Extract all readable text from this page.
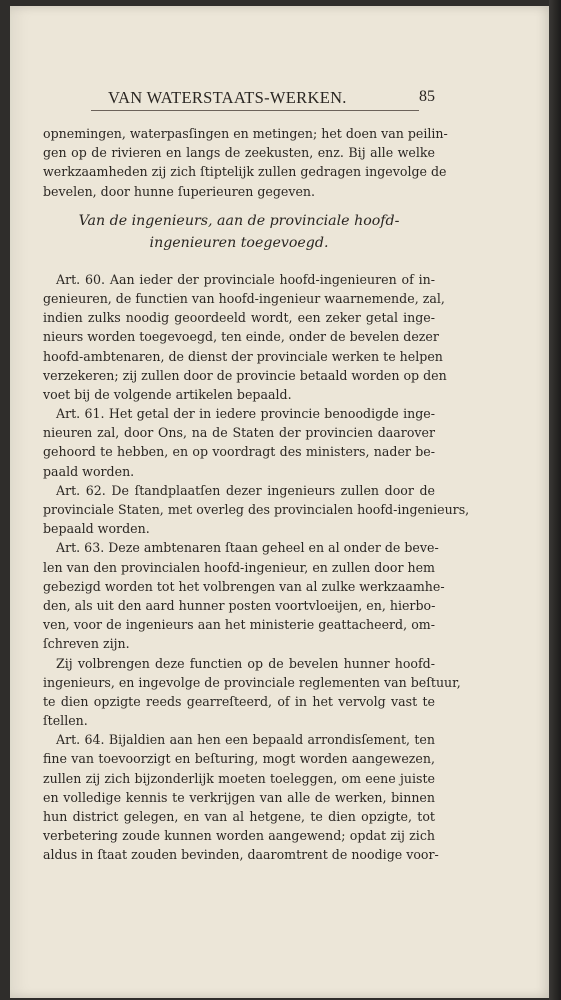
VAN WATERSTAATS-WERKEN.	85
opnemingen, waterpasſingen en metingen; het doen van peilin-
gen op de rivieren en langs de zeekusten, enz. Bij alle welke
werkzaamheden zij zich ſtiptelijk zullen gedragen ingevolge de
bevelen, door hunne ſuperieuren gegeven.
Van de ingenieurs, aan de provinciale hoofd-
ingenieuren toegevoegd.
Art. 60. Aan ieder der provinciale hoofd-ingenieuren of in-
genieuren, de functien van hoofd-ingenieur waarnemende, zal,
indien zulks noodig geoordeeld wordt, een zeker getal inge-
nieurs worden toegevoegd, ten einde, onder de bevelen dezer
hoofd-ambtenaren, de dienst der provinciale werken te helpen
verzekeren; zij zullen door de provincie betaald worden op den
voet bij de volgende artikelen bepaald.
Art. 61. Het getal der in iedere provincie benoodigde inge-
nieuren zal, door Ons, na de Staten der provincien daarover
gehoord te hebben, en op voordragt des ministers, nader be-
paald worden.
Art. 62. De ſtandplaatſen dezer ingenieurs zullen door de
provinciale Staten, met overleg des provincialen hoofd-ingenieurs,
bepaald worden.
Art. 63. Deze ambtenaren ſtaan geheel en al onder de beve-
len van den provincialen hoofd-ingenieur, en zullen door hem
gebezigd worden tot het volbrengen van al zulke werkzaamhe-
den, als uit den aard hunner posten voortvloeijen, en, hierbo-
ven, voor de ingenieurs aan het ministerie geattacheerd, om-
ſchreven zijn.
Zij volbrengen deze functien op de bevelen hunner hoofd-
ingenieurs, en ingevolge de provinciale reglementen van beſtuur,
te dien opzigte reeds gearreſteerd, of in het vervolg vast te
ſtellen.
Art. 64. Bijaldien aan hen een bepaald arrondisſement, ten
fine van toevoorzigt en beſturing, mogt worden aangewezen,
zullen zij zich bijzonderlijk moeten toeleggen, om eene juiste
en volledige kennis te verkrijgen van alle de werken, binnen
hun district gelegen, en van al hetgene, te dien opzigte, tot
verbetering zoude kunnen worden aangewend; opdat zij zich
aldus in ſtaat zouden bevinden, daaromtrent de noodige voor-
